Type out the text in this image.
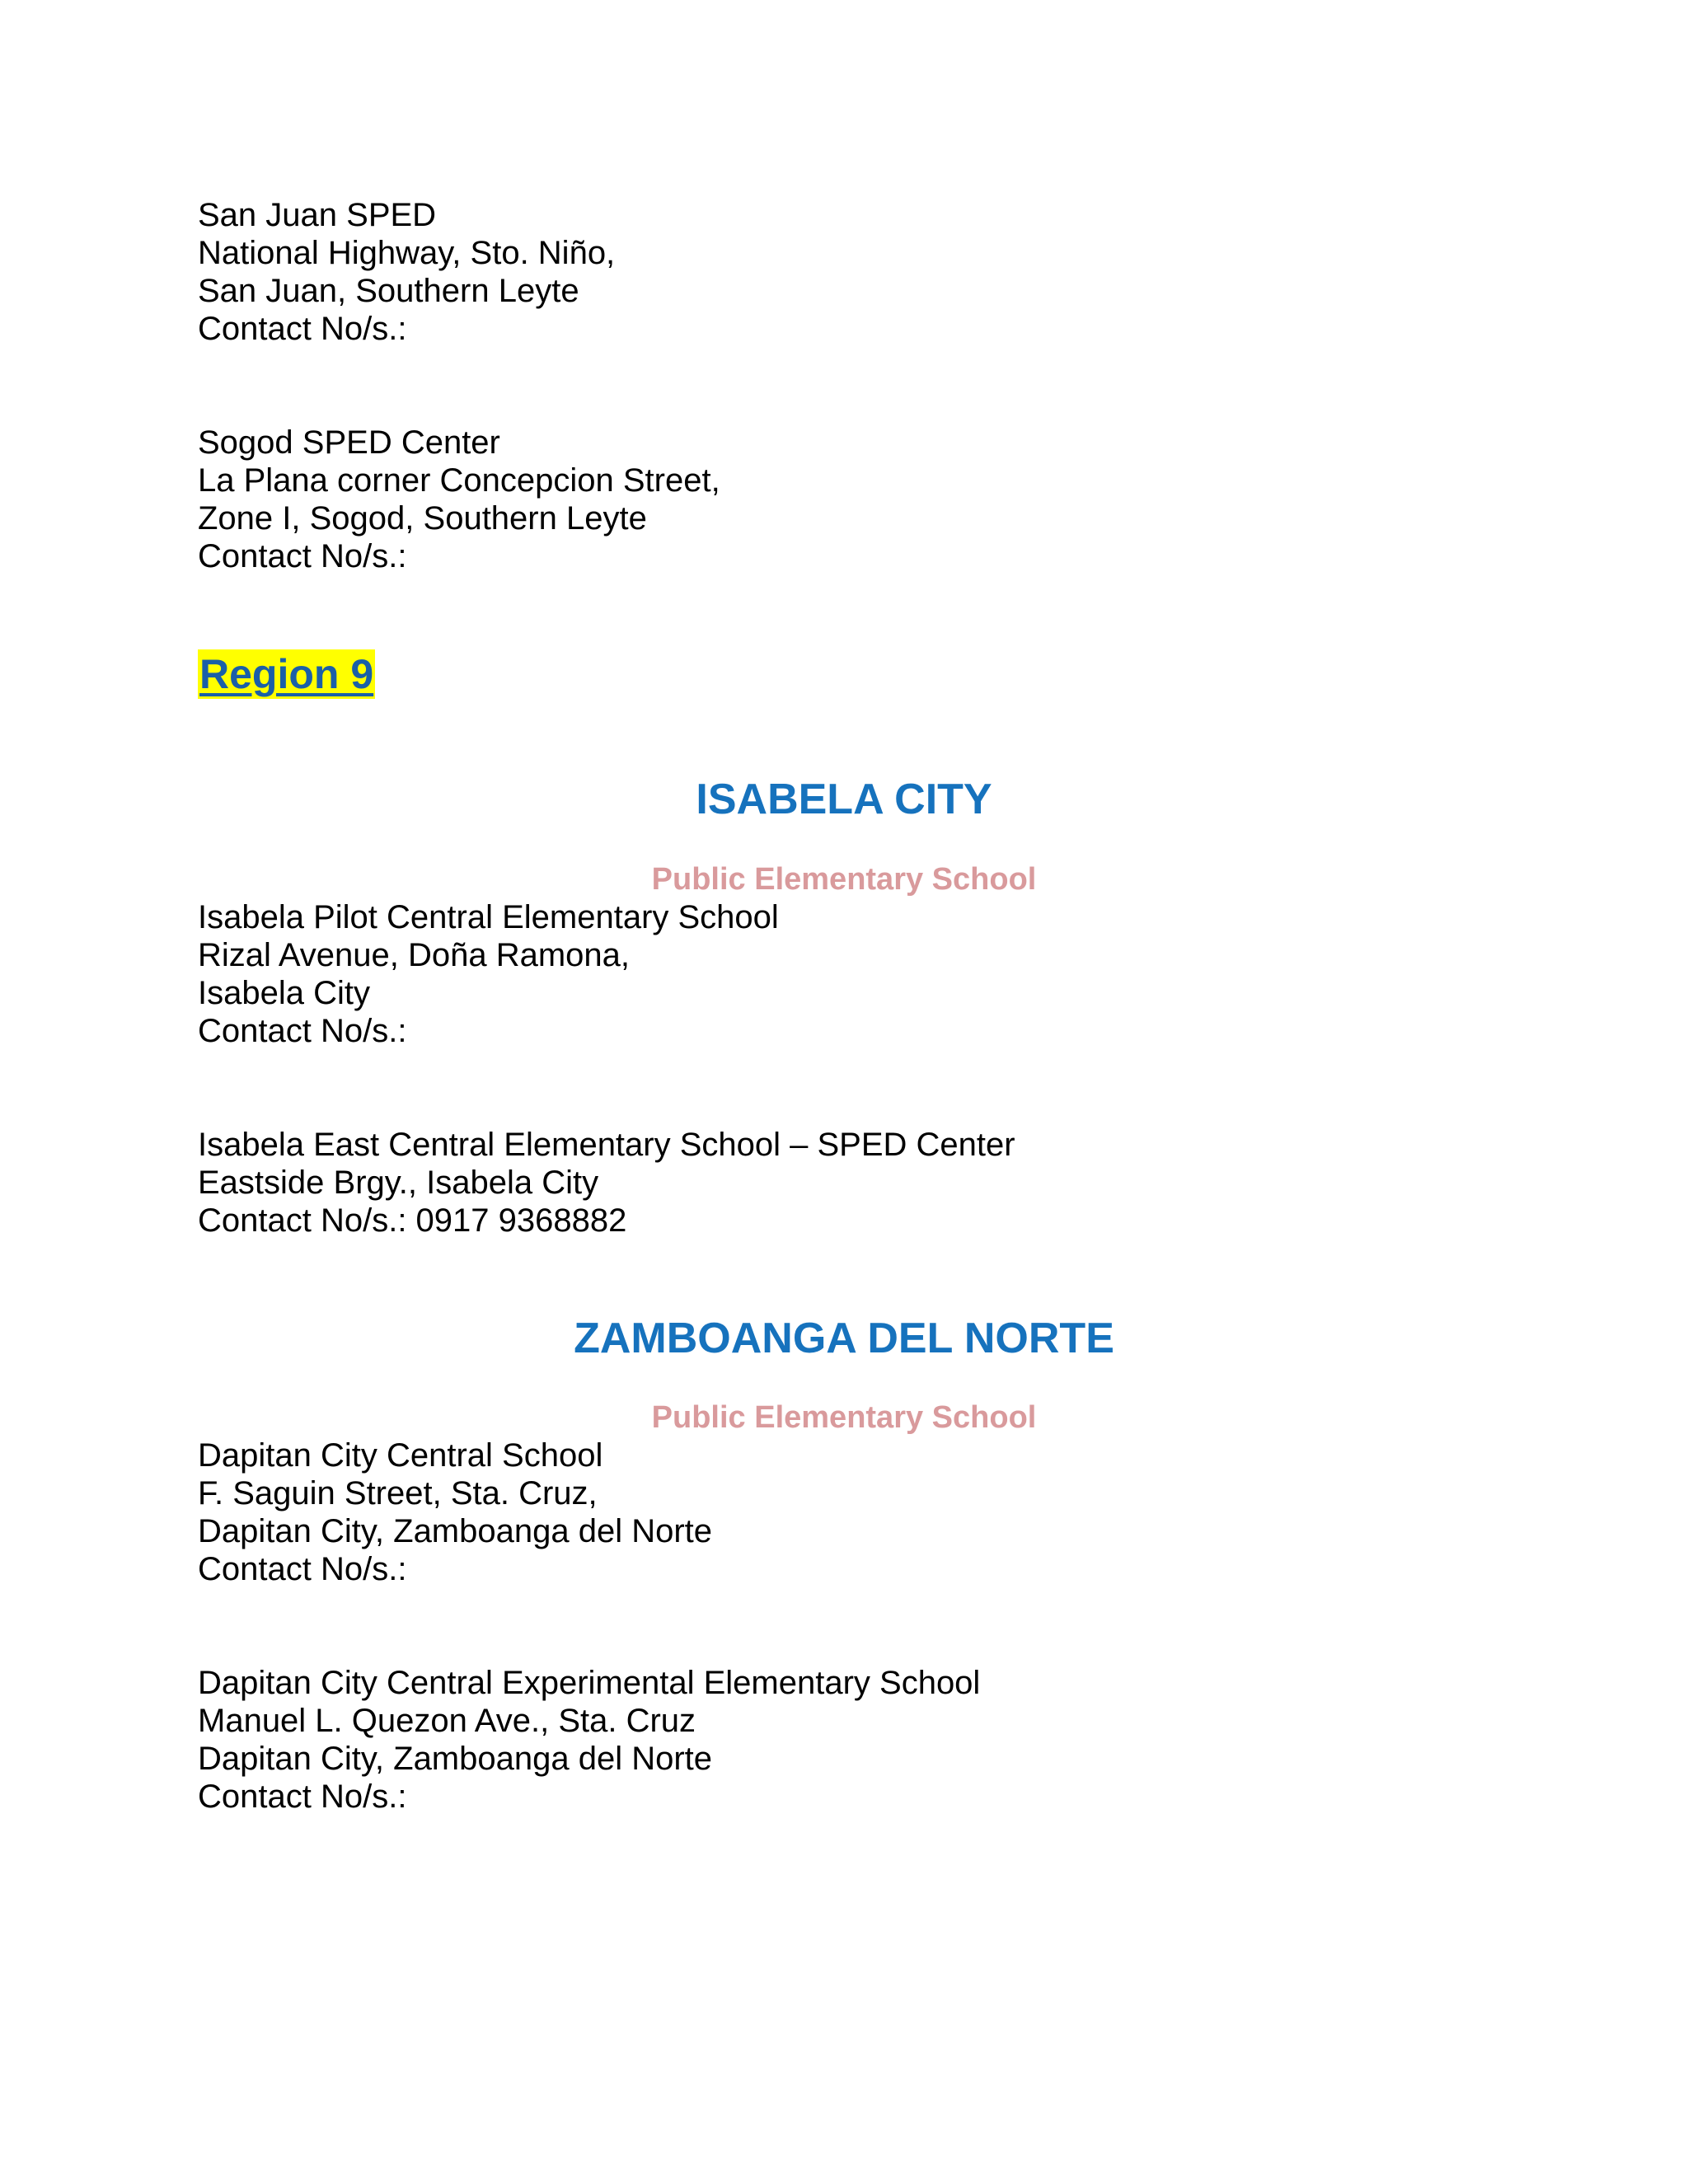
San Juan SPED
National Highway, Sto. Niño,
San Juan, Southern Leyte
Contact No/s.:
Sogod SPED Center
La Plana corner Concepcion Street,
Zone I, Sogod, Southern Leyte
Contact No/s.:
Region 9
ISABELA CITY
Public Elementary School
Isabela Pilot Central Elementary School
Rizal Avenue, Doña Ramona,
Isabela City
Contact No/s.:
Isabela East Central Elementary School – SPED Center
Eastside Brgy., Isabela City
Contact No/s.: 0917 9368882
ZAMBOANGA DEL NORTE
Public Elementary School
Dapitan City Central School
F. Saguin Street, Sta. Cruz,
Dapitan City, Zamboanga del Norte
Contact No/s.:
Dapitan City Central Experimental Elementary School
Manuel L. Quezon Ave., Sta. Cruz
Dapitan City, Zamboanga del Norte
Contact No/s.:
